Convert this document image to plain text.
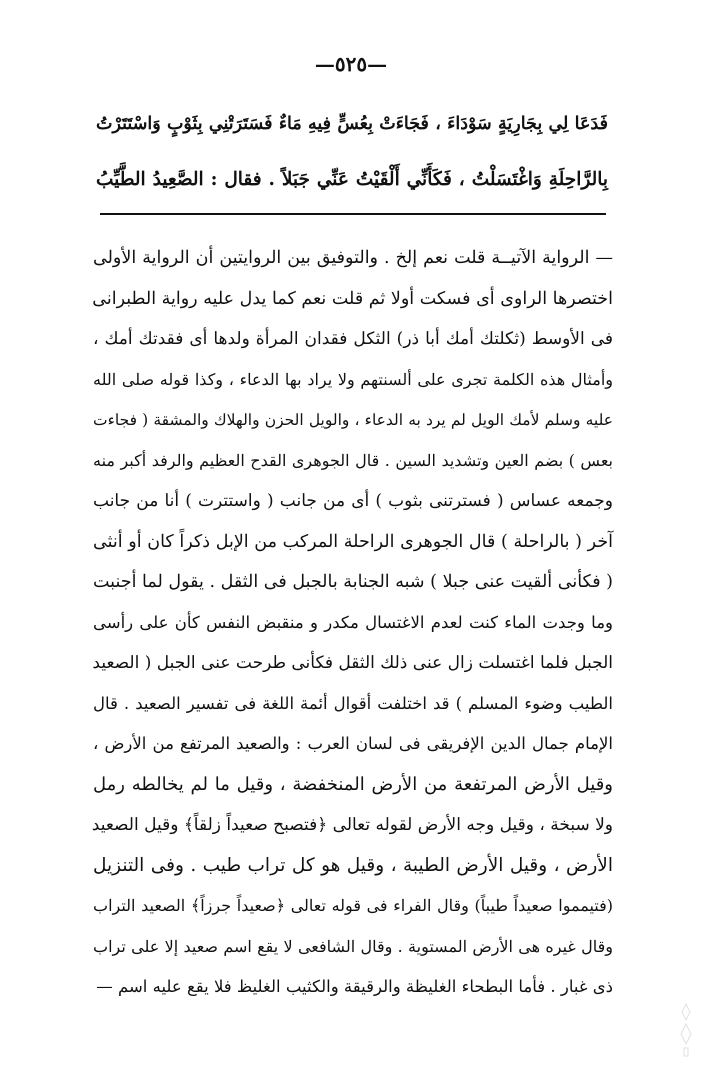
—٥٢٥—
فَدَعَا لِي بِجَارِيَةٍ سَوْدَاءَ ، فَجَاءَتْ بِعُسٍّ فِيهِ مَاءٌ فَسَتَرَتْنِي بِثَوْبٍ وَاسْتَتَرْتُ
بِالرَّاحِلَةِ وَاغْتَسَلْتُ ، فَكَأَنِّي أَلْقَيْتُ عَنِّي جَبَلاً . فقال : الصَّعِيدُ الطَّيِّبُ
— الرواية الآتيــة قلت نعم إلخ . والتوفيق بين الروايتين أن الرواية الأولى
اختصرها الراوى أى فسكت أولا ثم قلت نعم كما يدل عليه رواية الطبرانى
فى الأوسط (ثكلتك أمك أبا ذر) الثكل فقدان المرأة ولدها أى فقدتك أمك ،
وأمثال هذه الكلمة تجرى على ألسنتهم ولا يراد بها الدعاء ، وكذا قوله صلى الله
عليه وسلم لأمك الويل لم يرد به الدعاء ، والويل الحزن والهلاك والمشقة ( فجاءت
بعس ) بضم العين وتشديد السين . قال الجوهرى القدح العظيم والرفد أكبر منه
وجمعه عساس ( فسترتنى بثوب ) أى من جانب ( واستترت ) أنا من جانب
آخر ( بالراحلة ) قال الجوهرى الراحلة المركب من الإبل ذكراً كان أو أنثى
( فكأنى ألقيت عنى جبلا ) شبه الجنابة بالجبل فى الثقل . يقول لما أجنبت
وما وجدت الماء كنت لعدم الاغتسال مكدر و منقبض النفس كأن على رأسى
الجبل فلما اغتسلت زال عنى ذلك الثقل فكأنى طرحت عنى الجبل ( الصعيد
الطيب وضوء المسلم ) قد اختلفت أقوال أئمة اللغة فى تفسير الصعيد . قال
الإمام جمال الدين الإفريقى فى لسان العرب : والصعيد المرتفع من الأرض ،
وقيل الأرض المرتفعة من الأرض المنخفضة ، وقيل ما لم يخالطه رمل
ولا سبخة ، وقيل وجه الأرض لقوله تعالى ﴿فتصبح صعيداً زلقاً﴾ وقيل الصعيد
الأرض ، وقيل الأرض الطيبة ، وقيل هو كل تراب طيب . وفى التنزيل
(فتيمموا صعيداً طيباً) وقال الفراء فى قوله تعالى ﴿صعيداً جرزاً﴾ الصعيد التراب
وقال غيره هى الأرض المستوية . وقال الشافعى لا يقع اسم صعيد إلا على تراب
ذى غبار . فأما البطحاء الغليظة والرقيقة والكثيب الغليظ فلا يقع عليه اسم —
